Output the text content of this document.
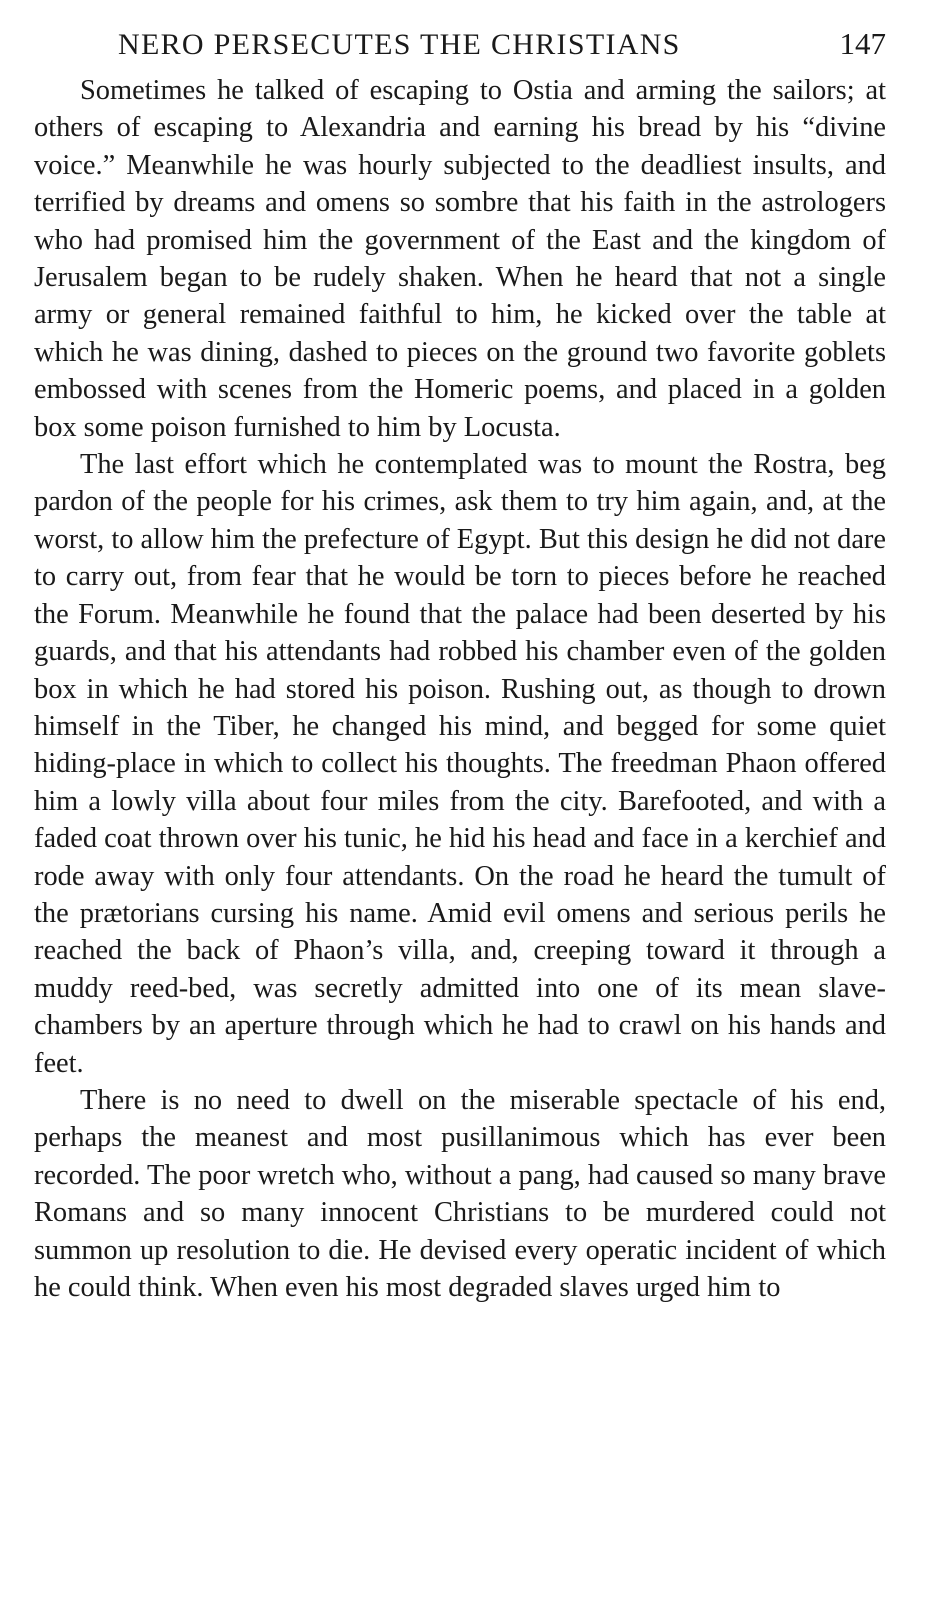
NERO PERSECUTES THE CHRISTIANS	147

Sometimes he talked of escaping to Ostia and arming the sailors; at others of escaping to Alexandria and earning his bread by his “divine voice.” Meanwhile he was hourly subjected to the deadliest insults, and terrified by dreams and omens so sombre that his faith in the astrologers who had promised him the government of the East and the kingdom of Jerusalem began to be rudely shaken. When he heard that not a single army or general remained faithful to him, he kicked over the table at which he was dining, dashed to pieces on the ground two favorite goblets embossed with scenes from the Homeric poems, and placed in a golden box some poison furnished to him by Locusta.

The last effort which he contemplated was to mount the Rostra, beg pardon of the people for his crimes, ask them to try him again, and, at the worst, to allow him the prefecture of Egypt. But this design he did not dare to carry out, from fear that he would be torn to pieces before he reached the Forum. Meanwhile he found that the palace had been deserted by his guards, and that his attendants had robbed his chamber even of the golden box in which he had stored his poison. Rushing out, as though to drown himself in the Tiber, he changed his mind, and begged for some quiet hiding-place in which to collect his thoughts. The freedman Phaon offered him a lowly villa about four miles from the city. Barefooted, and with a faded coat thrown over his tunic, he hid his head and face in a kerchief and rode away with only four attendants. On the road he heard the tumult of the prætorians cursing his name. Amid evil omens and serious perils he reached the back of Phaon’s villa, and, creeping toward it through a muddy reed-bed, was secretly admitted into one of its mean slave-chambers by an aperture through which he had to crawl on his hands and feet.

There is no need to dwell on the miserable spectacle of his end, perhaps the meanest and most pusillanimous which has ever been recorded. The poor wretch who, without a pang, had caused so many brave Romans and so many innocent Christians to be murdered could not summon up resolution to die. He devised every operatic incident of which he could think. When even his most degraded slaves urged him to
